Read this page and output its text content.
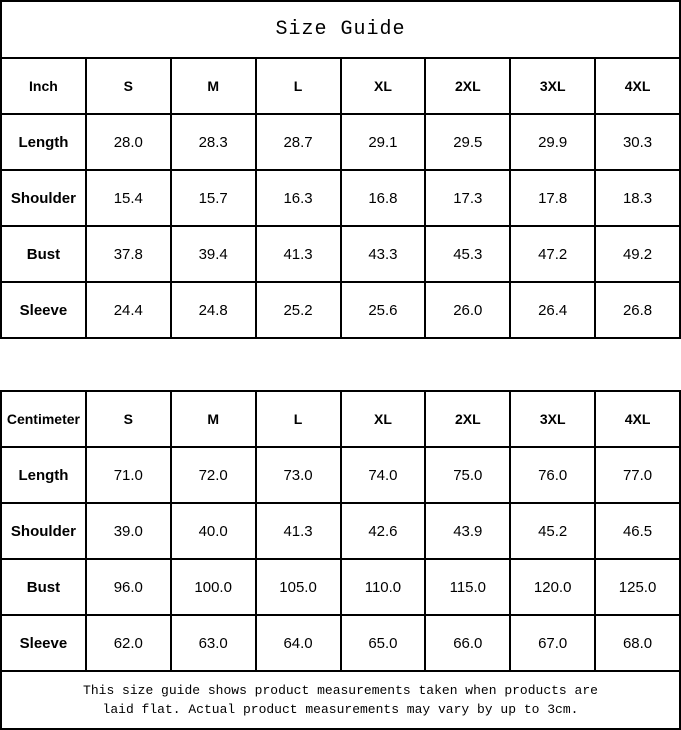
Size Guide							
Inch	S	M	L	XL	2XL	3XL	4XL
Length	28.0	28.3	28.7	29.1	29.5	29.9	30.3
Shoulder	15.4	15.7	16.3	16.8	17.3	17.8	18.3
Bust	37.8	39.4	41.3	43.3	45.3	47.2	49.2
Sleeve	24.4	24.8	25.2	25.6	26.0	26.4	26.8
Centimeter	S	M	L	XL	2XL	3XL	4XL
Length	71.0	72.0	73.0	74.0	75.0	76.0	77.0
Shoulder	39.0	40.0	41.3	42.6	43.9	45.2	46.5
Bust	96.0	100.0	105.0	110.0	115.0	120.0	125.0
Sleeve	62.0	63.0	64.0	65.0	66.0	67.0	68.0

This size guide shows product measurements taken when products are laid flat. Actual product measurements may vary by up to 3cm.							
